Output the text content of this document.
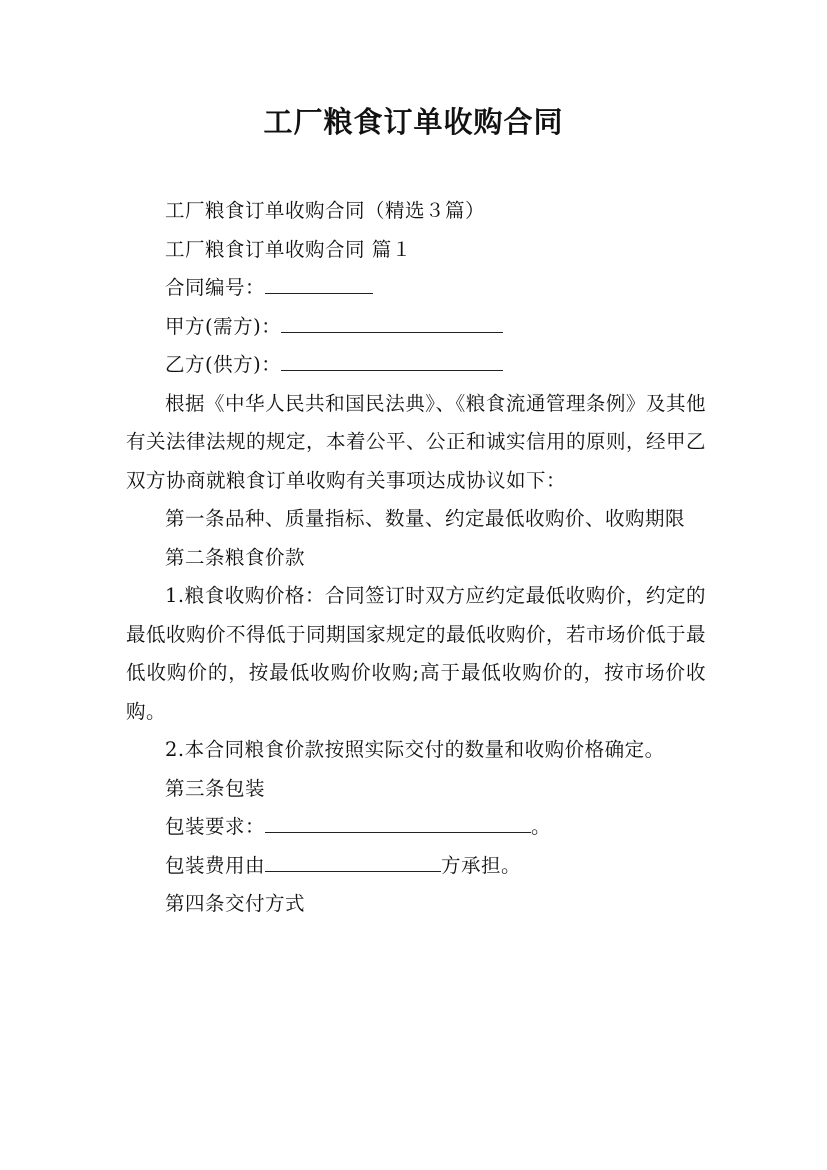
工厂粮食订单收购合同

工厂粮食订单收购合同（精选３篇）

工厂粮食订单收购合同 篇１

合同编号：

甲方(需方)：

乙方(供方)：

根据《中华人民共和国民法典》、《粮食流通管理条例》及其他有关法律法规的规定，本着公平、公正和诚实信用的原则，经甲乙双方协商就粮食订单收购有关事项达成协议如下：

第一条品种、质量指标、数量、约定最低收购价、收购期限

第二条粮食价款

1.粮食收购价格：合同签订时双方应约定最低收购价，约定的最低收购价不得低于同期国家规定的最低收购价，若市场价低于最低收购价的，按最低收购价收购;高于最低收购价的，按市场价收购。

2.本合同粮食价款按照实际交付的数量和收购价格确定。

第三条包装

包装要求：	。

包装费用由	方承担。

第四条交付方式
